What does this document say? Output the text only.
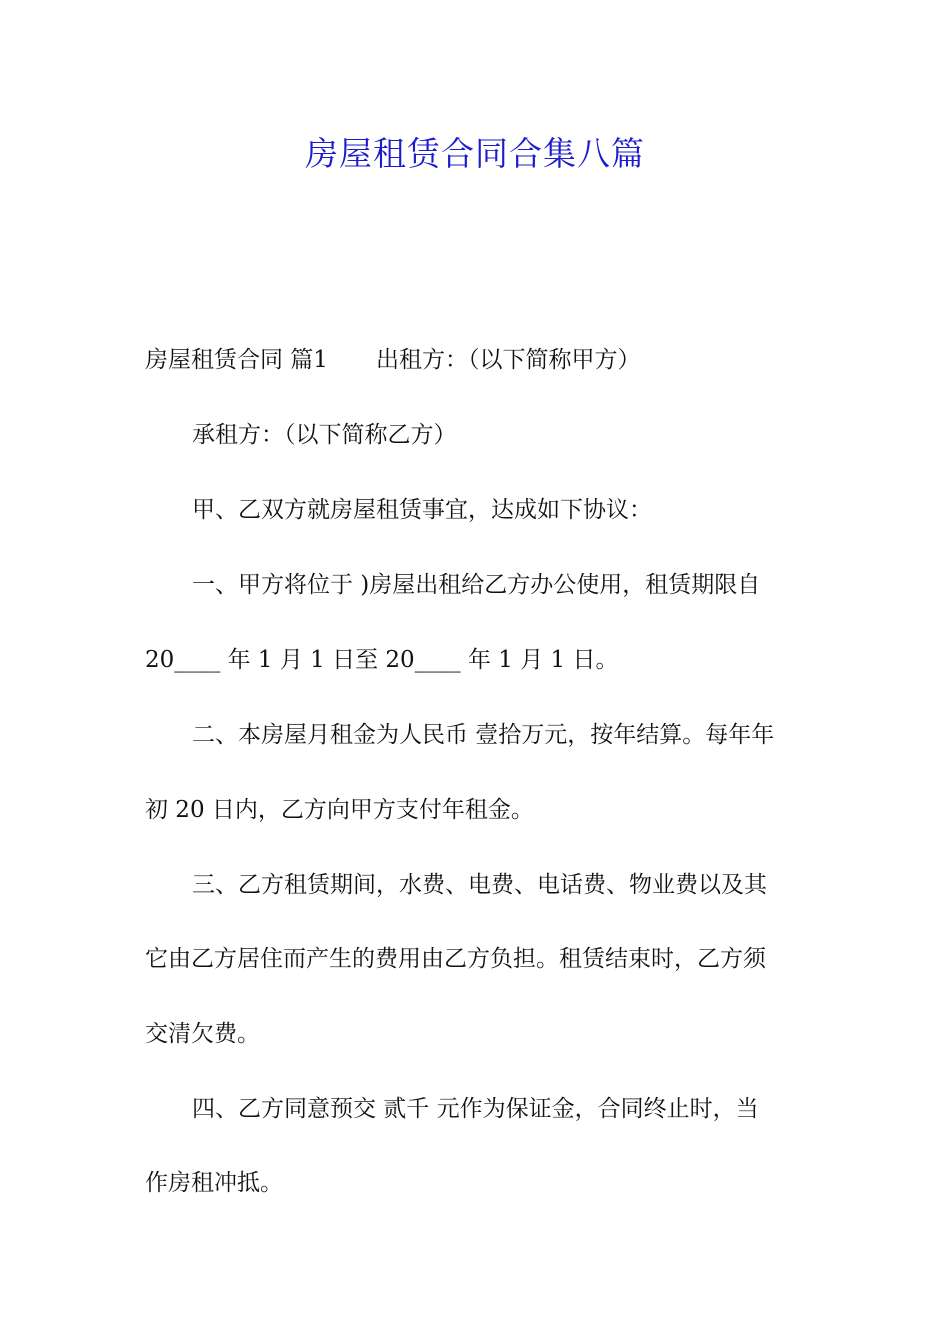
房屋租赁合同合集八篇
房屋租赁合同 篇1 出租方：（以下简称甲方）
承租方：（以下简称乙方）
甲、乙双方就房屋租赁事宜，达成如下协议：
一、甲方将位于 )房屋出租给乙方办公使用，租赁期限自
20____ 年 1 月 1 日至 20____ 年 1 月 1 日。
二、本房屋月租金为人民币 壹拾万元，按年结算。每年年
初 20 日内，乙方向甲方支付年租金。
三、乙方租赁期间，水费、电费、电话费、物业费以及其
它由乙方居住而产生的费用由乙方负担。租赁结束时，乙方须
交清欠费。
四、乙方同意预交 贰千 元作为保证金，合同终止时，当
作房租冲抵。
